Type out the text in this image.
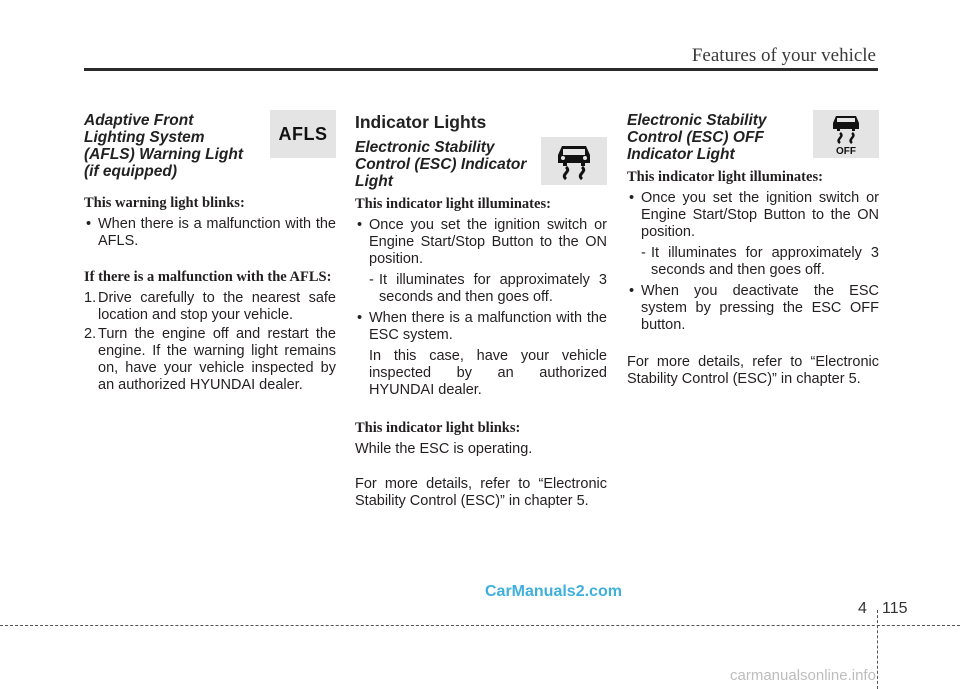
Features of your vehicle

Adaptive Front Lighting System (AFLS) Warning Light (if equipped)

AFLS

This warning light blinks:

• When there is a malfunction with the AFLS.

If there is a malfunction with the AFLS:

1. Drive carefully to the nearest safe location and stop your vehicle.
2. Turn the engine off and restart the engine. If the warning light remains on, have your vehicle inspected by an authorized HYUNDAI dealer.

Indicator Lights

Electronic Stability Control (ESC) Indicator Light

This indicator light illuminates:

• Once you set the ignition switch or Engine Start/Stop Button to the ON position.
- It illuminates for approximately 3 seconds and then goes off.
• When there is a malfunction with the ESC system.
In this case, have your vehicle inspected by an authorized HYUNDAI dealer.

This indicator light blinks:

While the ESC is operating.

For more details, refer to “Electronic Stability Control (ESC)” in chapter 5.

Electronic Stability Control (ESC) OFF Indicator Light	OFF

This indicator light illuminates:

• Once you set the ignition switch or Engine Start/Stop Button to the ON position.
- It illuminates for approximately 3 seconds and then goes off.
• When you deactivate the ESC system by pressing the ESC OFF button.

For more details, refer to “Electronic Stability Control (ESC)” in chapter 5.

CarManuals2.com
4 115
carmanualsonline.info
